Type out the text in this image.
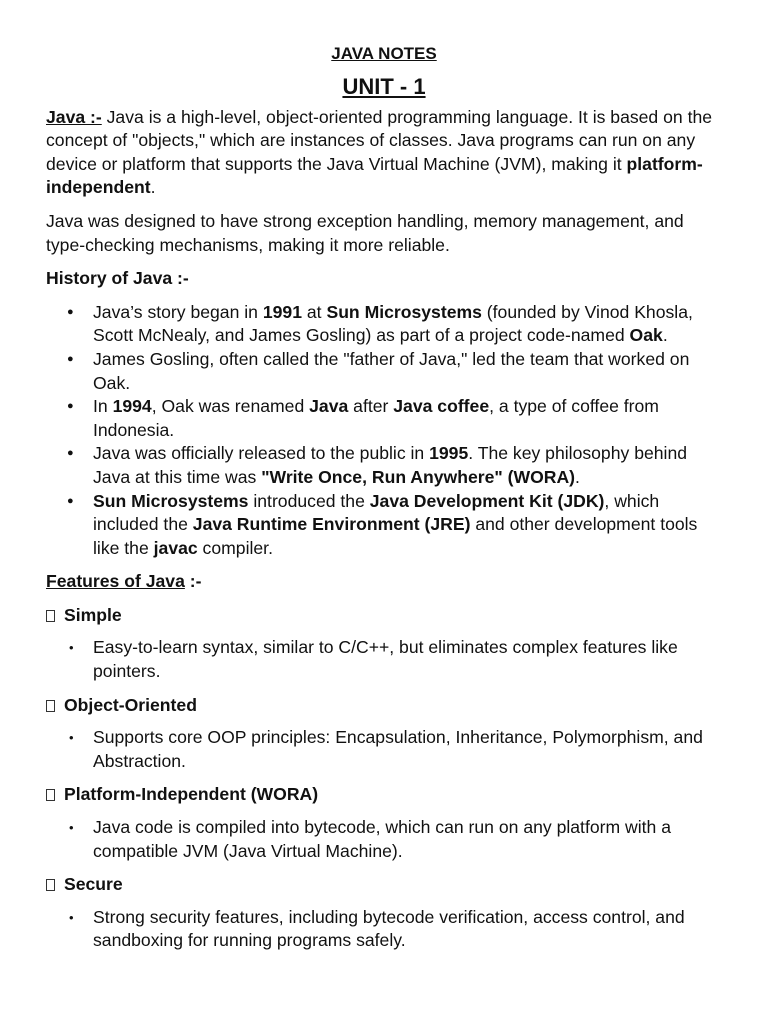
JAVA NOTES
UNIT - 1

Java :- Java is a high-level, object-oriented programming language. It is based on the concept of "objects," which are instances of classes. Java programs can run on any device or platform that supports the Java Virtual Machine (JVM), making it platform-independent.

Java was designed to have strong exception handling, memory management, and type-checking mechanisms, making it more reliable.

History of Java :-

● Java’s story began in 1991 at Sun Microsystems (founded by Vinod Khosla, Scott McNealy, and James Gosling) as part of a project code-named Oak.
● James Gosling, often called the "father of Java," led the team that worked on Oak.
● In 1994, Oak was renamed Java after Java coffee, a type of coffee from Indonesia.
● Java was officially released to the public in 1995. The key philosophy behind Java at this time was "Write Once, Run Anywhere" (WORA).
● Sun Microsystems introduced the Java Development Kit (JDK), which included the Java Runtime Environment (JRE) and other development tools like the javac compiler.

Features of Java :-

Simple
• Easy-to-learn syntax, similar to C/C++, but eliminates complex features like pointers.
Object-Oriented
• Supports core OOP principles: Encapsulation, Inheritance, Polymorphism, and Abstraction.
Platform-Independent (WORA)
• Java code is compiled into bytecode, which can run on any platform with a compatible JVM (Java Virtual Machine).
Secure
• Strong security features, including bytecode verification, access control, and sandboxing for running programs safely.
